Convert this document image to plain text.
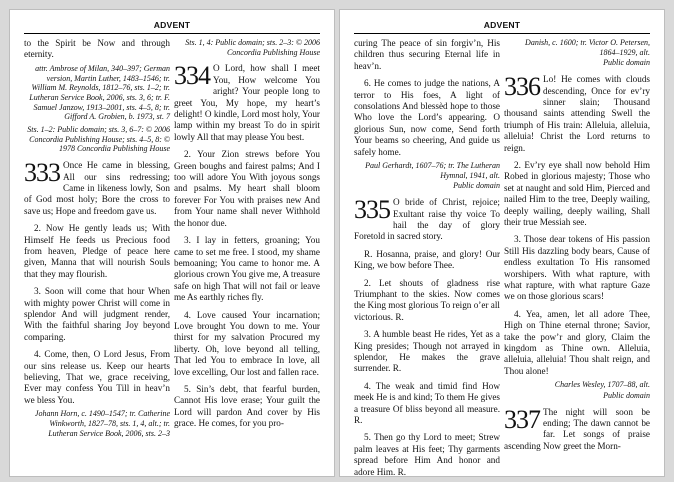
ADVENT

to the Spirit be Now and through eternity.

attr. Ambrose of Milan, 340–397; German version, Martin Luther, 1483–1546; tr. William M. Reynolds, 1812–76, sts. 1–2; tr. Lutheran Service Book, 2006, sts. 3, 6; tr. F. Samuel Janzow, 1913–2001, sts. 4–5, 8; tr. Gifford A. Grobien, b. 1973, st. 7

Sts. 1–2: Public domain; sts. 3, 6–7: © 2006 Concordia Publishing House; sts. 4–5, 8: © 1978 Concordia Publishing House

333 Once He came in blessing, All our sins redressing; Came in likeness lowly, Son of God most holy; Bore the cross to save us; Hope and freedom gave us.

2. Now He gently leads us; With Himself He feeds us Precious food from heaven, Pledge of peace here given, Manna that will nourish Souls that they may flourish.

3. Soon will come that hour When with mighty power Christ will come in splendor And will judgment render, With the faithful sharing Joy beyond comparing.

4. Come, then, O Lord Jesus, From our sins release us. Keep our hearts believing, That we, grace receiving, Ever may confess You Till in heav’n we bless You.

Johann Horn, c. 1490–1547; tr. Catherine Winkworth, 1827–78, sts. 1, 4, alt.; tr. Lutheran Service Book, 2006, sts. 2–3

Sts. 1, 4: Public domain; sts. 2–3: © 2006 Concordia Publishing House

334 O Lord, how shall I meet You, How welcome You aright? Your people long to greet You, My hope, my heart’s delight! O kindle, Lord most holy, Your lamp within my breast To do in spirit lowly All that may please You best.

2. Your Zion strews before You Green boughs and fairest palms; And I too will adore You With joyous songs and psalms. My heart shall bloom forever For You with praises new And from Your name shall never Withhold the honor due.

3. I lay in fetters, groaning; You came to set me free. I stood, my shame bemoaning; You came to honor me. A glorious crown You give me, A treasure safe on high That will not fail or leave me As earthly riches fly.

4. Love caused Your incarnation; Love brought You down to me. Your thirst for my salvation Procured my liberty. Oh, love beyond all telling, That led You to embrace In love, all love excelling, Our lost and fallen race.

5. Sin’s debt, that fearful burden, Cannot His love erase; Your guilt the Lord will pardon And cover by His grace. He comes, for you pro-

ADVENT

curing The peace of sin forgiv’n, His children thus securing Eternal life in heav’n.

6. He comes to judge the nations, A terror to His foes, A light of consolations And blessèd hope to those Who love the Lord’s appearing. O glorious Sun, now come, Send forth Your beams so cheering, And guide us safely home.

Paul Gerhardt, 1607–76; tr. The Lutheran Hymnal, 1941, alt.

Public domain

335 O bride of Christ, rejoice; Exultant raise thy voice To hail the day of glory Foretold in sacred story.

R. Hosanna, praise, and glory! Our King, we bow before Thee.

2. Let shouts of gladness rise Triumphant to the skies. Now comes the King most glorious To reign o’er all victorious. R.

3. A humble beast He rides, Yet as a King presides; Though not arrayed in splendor, He makes the grave surrender. R.

4. The weak and timid find How meek He is and kind; To them He gives a treasure Of bliss beyond all measure. R.

5. Then go thy Lord to meet; Strew palm leaves at His feet; Thy garments spread before Him And honor and adore Him. R.

Danish, c. 1600; tr. Victor O. Petersen, 1864–1929, alt.

Public domain

336 Lo! He comes with clouds descending, Once for ev’ry sinner slain; Thousand thousand saints attending Swell the triumph of His train: Alleluia, alleluia, alleluia! Christ the Lord returns to reign.

2. Ev’ry eye shall now behold Him Robed in glorious majesty; Those who set at naught and sold Him, Pierced and nailed Him to the tree, Deeply wailing, deeply wailing, deeply wailing, Shall their true Messiah see.

3. Those dear tokens of His passion Still His dazzling body bears, Cause of endless exultation To His ransomed worshipers. With what rapture, with what rapture, with what rapture Gaze we on those glorious scars!

4. Yea, amen, let all adore Thee, High on Thine eternal throne; Savior, take the pow’r and glory, Claim the kingdom as Thine own. Alleluia, alleluia, alleluia! Thou shalt reign, and Thou alone!

Charles Wesley, 1707–88, alt.

Public domain

337 The night will soon be ending; The dawn cannot be far. Let songs of praise ascending Now greet the Morn-
